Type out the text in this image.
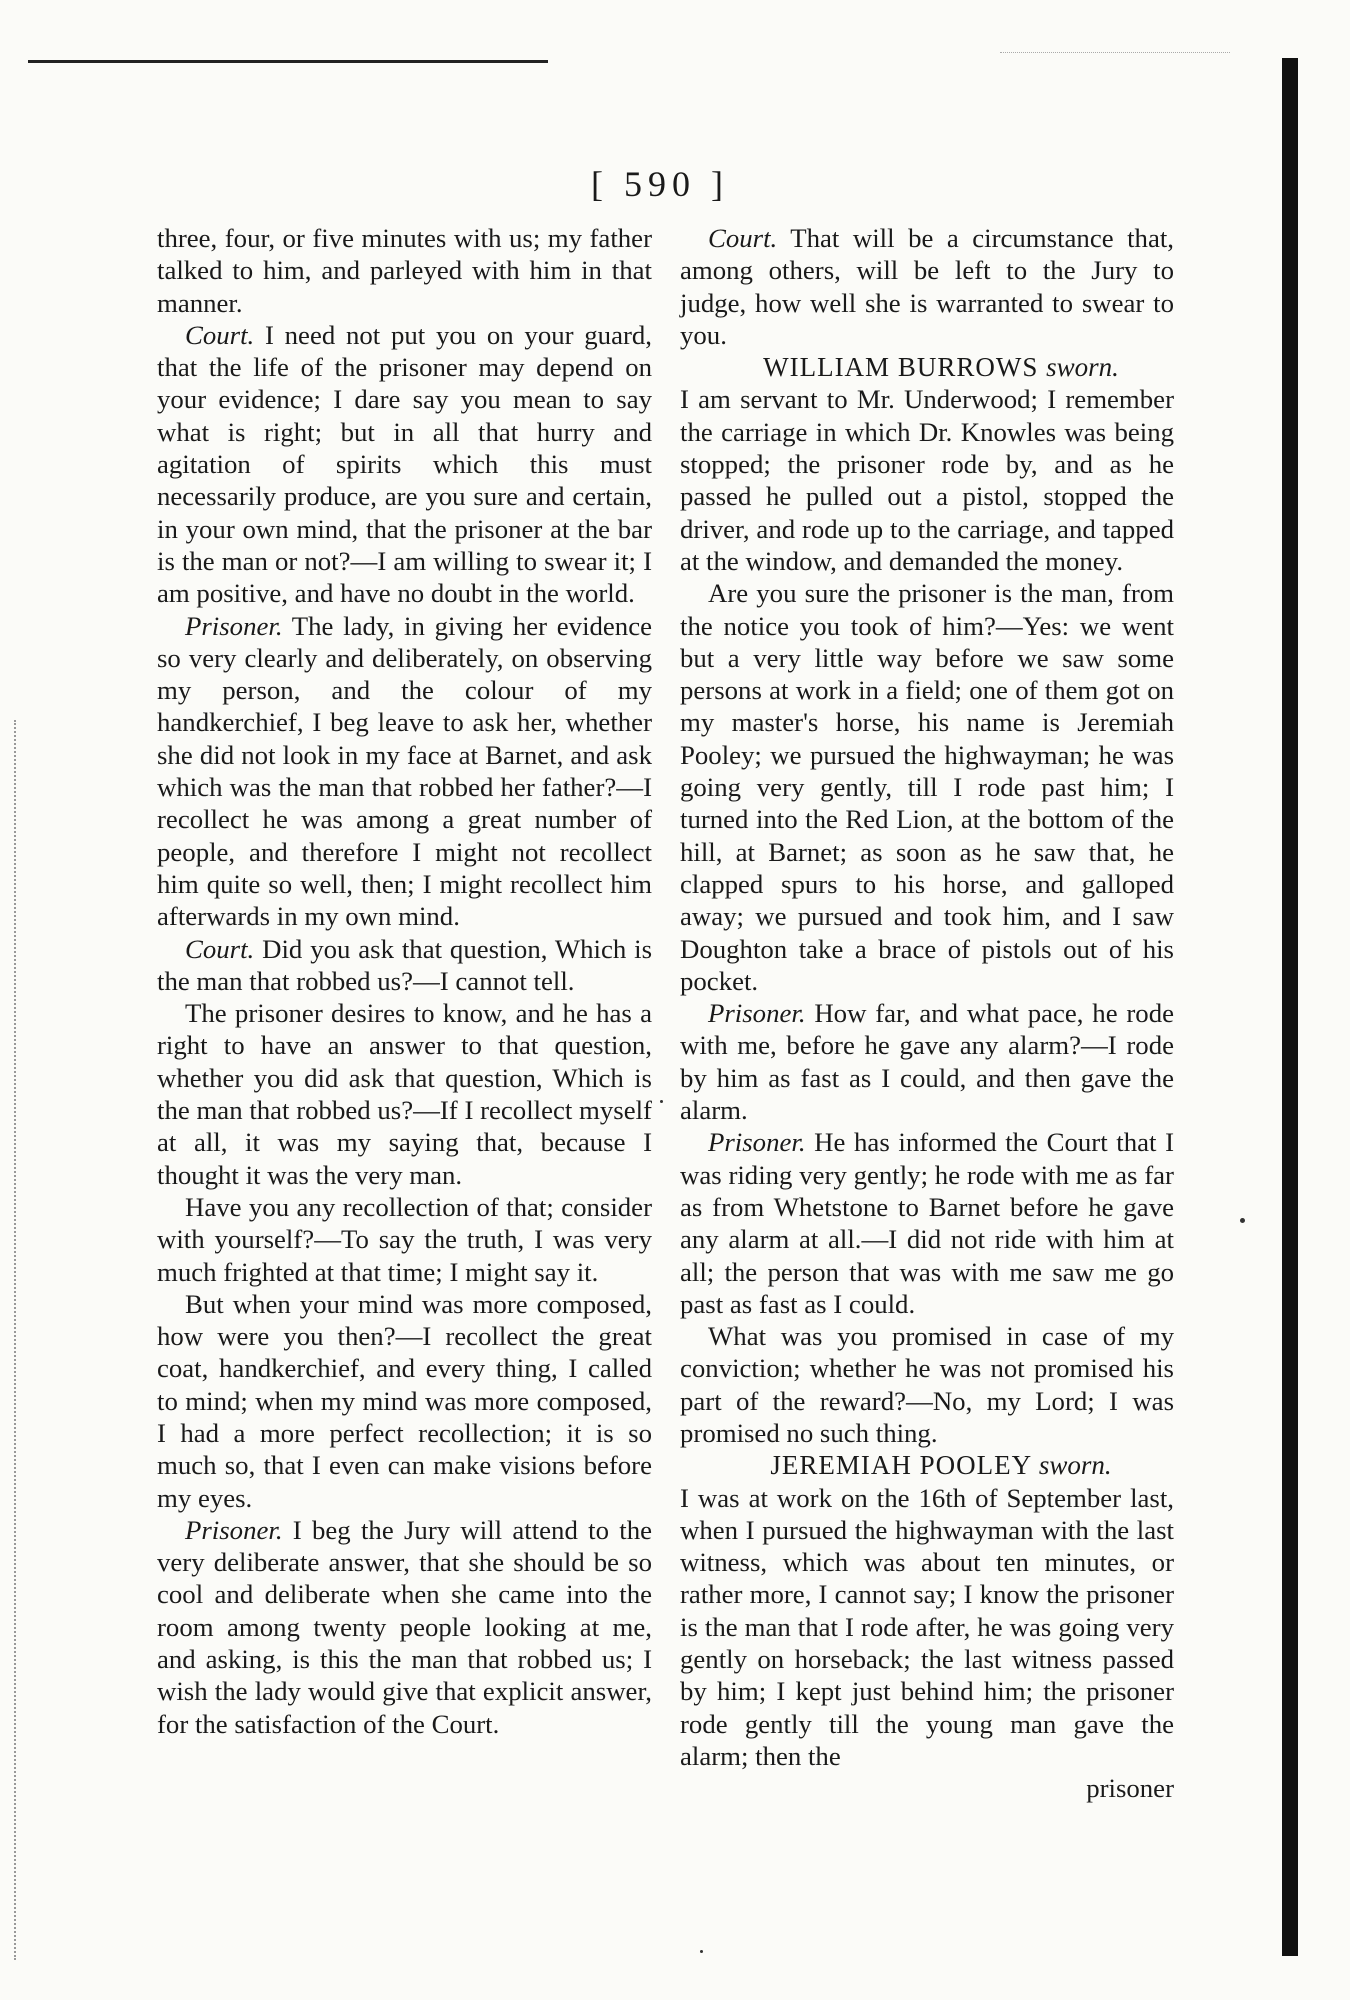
[ 590 ]

three, four, or five minutes with us; my father talked to him, and parleyed with him in that manner.

Court. I need not put you on your guard, that the life of the prisoner may depend on your evidence; I dare say you mean to say what is right; but in all that hurry and agitation of spirits which this must necessarily produce, are you sure and certain, in your own mind, that the prisoner at the bar is the man or not?—I am willing to swear it; I am positive, and have no doubt in the world.

Prisoner. The lady, in giving her evidence so very clearly and deliberately, on observing my person, and the colour of my handkerchief, I beg leave to ask her, whether she did not look in my face at Barnet, and ask which was the man that robbed her father?—I recollect he was among a great number of people, and therefore I might not recollect him quite so well, then; I might recollect him afterwards in my own mind.

Court. Did you ask that question, Which is the man that robbed us?—I cannot tell.

The prisoner desires to know, and he has a right to have an answer to that question, whether you did ask that question, Which is the man that robbed us?—If I recollect myself at all, it was my saying that, because I thought it was the very man.

Have you any recollection of that; consider with yourself?—To say the truth, I was very much frighted at that time; I might say it.

But when your mind was more composed, how were you then?—I recollect the great coat, handkerchief, and every thing, I called to mind; when my mind was more composed, I had a more perfect recollection; it is so much so, that I even can make visions before my eyes.

Prisoner. I beg the Jury will attend to the very deliberate answer, that she should be so cool and deliberate when she came into the room among twenty people looking at me, and asking, is this the man that robbed us; I wish the lady would give that explicit answer, for the satisfaction of the Court.

Court. That will be a circumstance that, among others, will be left to the Jury to judge, how well she is warranted to swear to you.

WILLIAM BURROWS sworn.

I am servant to Mr. Underwood; I remember the carriage in which Dr. Knowles was being stopped; the prisoner rode by, and as he passed he pulled out a pistol, stopped the driver, and rode up to the carriage, and tapped at the window, and demanded the money.

Are you sure the prisoner is the man, from the notice you took of him?—Yes: we went but a very little way before we saw some persons at work in a field; one of them got on my master's horse, his name is Jeremiah Pooley; we pursued the highwayman; he was going very gently, till I rode past him; I turned into the Red Lion, at the bottom of the hill, at Barnet; as soon as he saw that, he clapped spurs to his horse, and galloped away; we pursued and took him, and I saw Doughton take a brace of pistols out of his pocket.

Prisoner. How far, and what pace, he rode with me, before he gave any alarm?—I rode by him as fast as I could, and then gave the alarm.

Prisoner. He has informed the Court that I was riding very gently; he rode with me as far as from Whetstone to Barnet before he gave any alarm at all.—I did not ride with him at all; the person that was with me saw me go past as fast as I could.

What was you promised in case of my conviction; whether he was not promised his part of the reward?—No, my Lord; I was promised no such thing.

JEREMIAH POOLEY sworn.

I was at work on the 16th of September last, when I pursued the highwayman with the last witness, which was about ten minutes, or rather more, I cannot say; I know the prisoner is the man that I rode after, he was going very gently on horseback; the last witness passed by him; I kept just behind him; the prisoner rode gently till the young man gave the alarm; then the

prisoner
